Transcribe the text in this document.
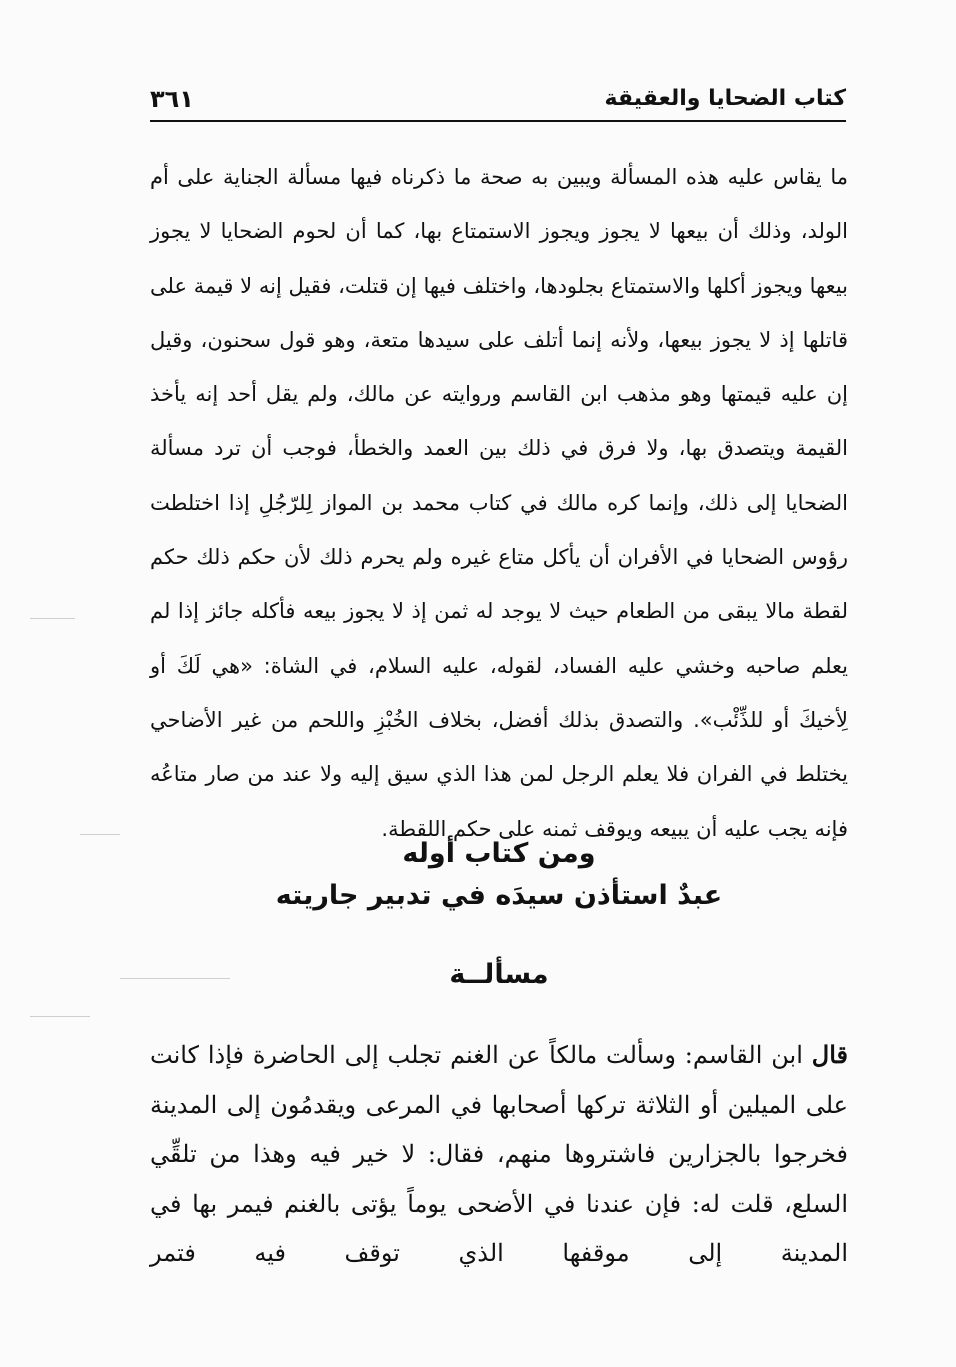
كتاب الضحايا والعقيقة
٣٦١

ما يقاس عليه هذه المسألة ويبين به صحة ما ذكرناه فيها مسألة الجناية على أم الولد، وذلك أن بيعها لا يجوز ويجوز الاستمتاع بها، كما أن لحوم الضحايا لا يجوز بيعها ويجوز أكلها والاستمتاع بجلودها، واختلف فيها إن قتلت، فقيل إنه لا قيمة على قاتلها إذ لا يجوز بيعها، ولأنه إنما أتلف على سيدها متعة، وهو قول سحنون، وقيل إن عليه قيمتها وهو مذهب ابن القاسم وروايته عن مالك، ولم يقل أحد إنه يأخذ القيمة ويتصدق بها، ولا فرق في ذلك بين العمد والخطأ، فوجب أن ترد مسألة الضحايا إلى ذلك، وإنما كره مالك في كتاب محمد بن المواز لِلرّجُلِ إذا اختلطت رؤوس الضحايا في الأفران أن يأكل متاع غيره ولم يحرم ذلك لأن حكم ذلك حكم لقطة مالا يبقى من الطعام حيث لا يوجد له ثمن إذ لا يجوز بيعه فأكله جائز إذا لم يعلم صاحبه وخشي عليه الفساد، لقوله، عليه السلام، في الشاة: «هي لَكَ أو لِأخيكَ أو للذِّئْب». والتصدق بذلك أفضل، بخلاف الخُبْزِ واللحم من غير الأضاحي يختلط في الفران فلا يعلم الرجل لمن هذا الذي سيق إليه ولا عند من صار متاعُه فإنه يجب عليه أن يبيعه ويوقف ثمنه على حكم اللقطة.

ومن كتاب أوله
عبدٌ استأذن سيدَه في تدبير جاريته
مسألــة
قال ابن القاسم: وسألت مالكاً عن الغنم تجلب إلى الحاضرة فإذا كانت على الميلين أو الثلاثة تركها أصحابها في المرعى ويقدمُون إلى المدينة فخرجوا بالجزارين فاشتروها منهم، فقال: لا خير فيه وهذا من تلقِّي السلع، قلت له: فإن عندنا في الأضحى يوماً يؤتى بالغنم فيمر بها في المدينة إلى موقفها الذي توقف فيه فتمر
